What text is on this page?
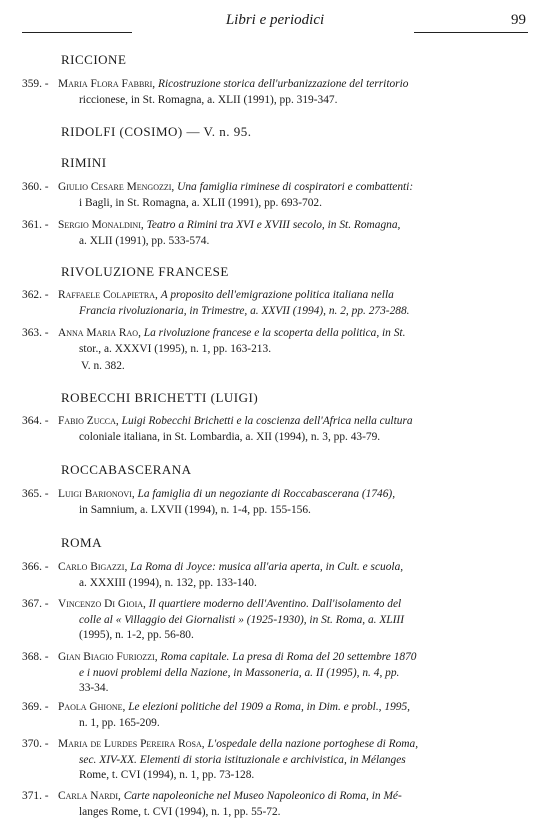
Libri e periodici	99
RICCIONE
359. - Maria Flora Fabbri, Ricostruzione storica dell'urbanizzazione del territorio
riccionese, in St. Romagna, a. XLII (1991), pp. 319-347.
RIDOLFI (COSIMO) — V. n. 95.
RIMINI
360. - Giulio Cesare Mengozzi, Una famiglia riminese di cospiratori e combattenti:
i Bagli, in St. Romagna, a. XLII (1991), pp. 693-702.
361. - Sergio Monaldini, Teatro a Rimini tra XVI e XVIII secolo, in St. Romagna,
a. XLII (1991), pp. 533-574.
RIVOLUZIONE FRANCESE
362. - Raffaele Colapietra, A proposito dell'emigrazione politica italiana nella
Francia rivoluzionaria, in Trimestre, a. XXVII (1994), n. 2, pp. 273-288.
363. - Anna Maria Rao, La rivoluzione francese e la scoperta della politica, in St.
stor., a. XXXVI (1995), n. 1, pp. 163-213.
V. n. 382.
ROBECCHI BRICHETTI (LUIGI)
364. - Fabio Zucca, Luigi Robecchi Brichetti e la coscienza dell'Africa nella cultura
coloniale italiana, in St. Lombardia, a. XII (1994), n. 3, pp. 43-79.
ROCCABASCERANA
365. - Luigi Barionovi, La famiglia di un negoziante di Roccabascerana (1746),
in Samnium, a. LXVII (1994), n. 1-4, pp. 155-156.
ROMA
366. - Carlo Bigazzi, La Roma di Joyce: musica all'aria aperta, in Cult. e scuola,
a. XXXIII (1994), n. 132, pp. 133-140.
367. - Vincenzo Di Gioia, Il quartiere moderno dell'Aventino. Dall'isolamento del
colle al « Villaggio dei Giornalisti » (1925-1930), in St. Roma, a. XLIII
(1995), n. 1-2, pp. 56-80.
368. - Gian Biagio Furiozzi, Roma capitale. La presa di Roma del 20 settembre 1870
e i nuovi problemi della Nazione, in Massoneria, a. II (1995), n. 4, pp.
33-34.
369. - Paola Ghione, Le elezioni politiche del 1909 a Roma, in Dim. e probl., 1995,
n. 1, pp. 165-209.
370. - Maria de Lurdes Pereira Rosa, L'ospedale della nazione portoghese di Roma,
sec. XIV-XX. Elementi di storia istituzionale e archivistica, in Mélanges
Rome, t. CVI (1994), n. 1, pp. 73-128.
371. - Carla Nardi, Carte napoleoniche nel Museo Napoleonico di Roma, in Mé-
langes Rome, t. CVI (1994), n. 1, pp. 55-72.
